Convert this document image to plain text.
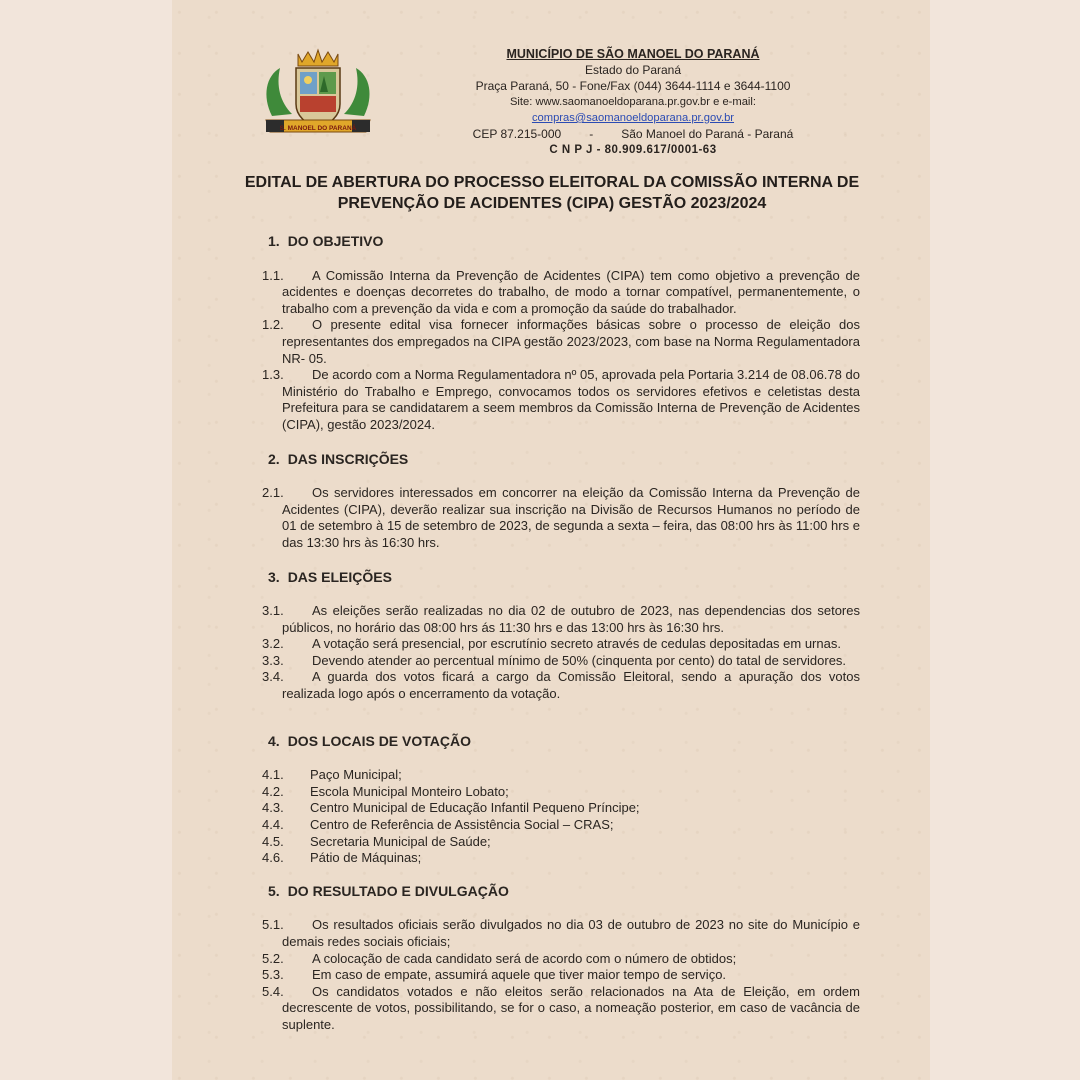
S. MANOEL DO PARANÁ
MUNICÍPIO DE SÃO MANOEL DO PARANÁ
Estado do Paraná
Praça Paraná, 50 - Fone/Fax (044) 3644-1114 e 3644-1100
Site: www.saomanoeldoparana.pr.gov.br e e-mail: compras@saomanoeldoparana.pr.gov.br
CEP 87.215-000 - São Manoel do Paraná - Paraná
C N P J - 80.909.617/0001-63
EDITAL DE ABERTURA DO PROCESSO ELEITORAL DA COMISSÃO INTERNA DE
PREVENÇÃO DE ACIDENTES (CIPA) GESTÃO 2023/2024
1. DO OBJETIVO
1.1.	A Comissão Interna da Prevenção de Acidentes (CIPA) tem como objetivo a prevenção de acidentes e doenças decorretes do trabalho, de modo a tornar compatível, permanentemente, o trabalho com a prevenção da vida e com a promoção da saúde do trabalhador.
1.2.	O presente edital visa fornecer informações básicas sobre o processo de eleição dos representantes dos empregados na CIPA gestão 2023/2023, com base na Norma Regulamentadora NR- 05.
1.3.	De acordo com a Norma Regulamentadora nº 05, aprovada pela Portaria 3.214 de 08.06.78 do Ministério do Trabalho e Emprego, convocamos todos os servidores efetivos e celetistas desta Prefeitura para se candidatarem a seem membros da Comissão Interna de Prevenção de Acidentes (CIPA), gestão 2023/2024.
2. DAS INSCRIÇÕES
2.1.	Os servidores interessados em concorrer na eleição da Comissão Interna da Prevenção de Acidentes (CIPA), deverão realizar sua inscrição na Divisão de Recursos Humanos no período de 01 de setembro à 15 de setembro de 2023, de segunda a sexta – feira, das 08:00 hrs às 11:00 hrs e das 13:30 hrs às 16:30 hrs.
3. DAS ELEIÇÕES
3.1.	As eleições serão realizadas no dia 02 de outubro de 2023, nas dependencias dos setores públicos, no horário das 08:00 hrs ás 11:30 hrs e das 13:00 hrs às 16:30 hrs.
3.2.	A votação será presencial, por escrutínio secreto através de cedulas depositadas em urnas.
3.3.	Devendo atender ao percentual mínimo de 50% (cinquenta por cento) do tatal de servidores.
3.4.	A guarda dos votos ficará a cargo da Comissão Eleitoral, sendo a apuração dos votos realizada logo após o encerramento da votação.
4. DOS LOCAIS DE VOTAÇÃO
4.1.	Paço Municipal;
4.2.	Escola Municipal Monteiro Lobato;
4.3.	Centro Municipal de Educação Infantil Pequeno Príncipe;
4.4.	Centro de Referência de Assistência Social – CRAS;
4.5.	Secretaria Municipal de Saúde;
4.6.	Pátio de Máquinas;
5. DO RESULTADO E DIVULGAÇÃO
5.1.	Os resultados oficiais serão divulgados no dia 03 de outubro de 2023 no site do Município e demais redes sociais oficiais;
5.2.	A colocação de cada candidato será de acordo com o número de obtidos;
5.3.	Em caso de empate, assumirá aquele que tiver maior tempo de serviço.
5.4.	Os candidatos votados e não eleitos serão relacionados na Ata de Eleição, em ordem decrescente de votos, possibilitando, se for o caso, a nomeação posterior, em caso de vacância de suplente.
